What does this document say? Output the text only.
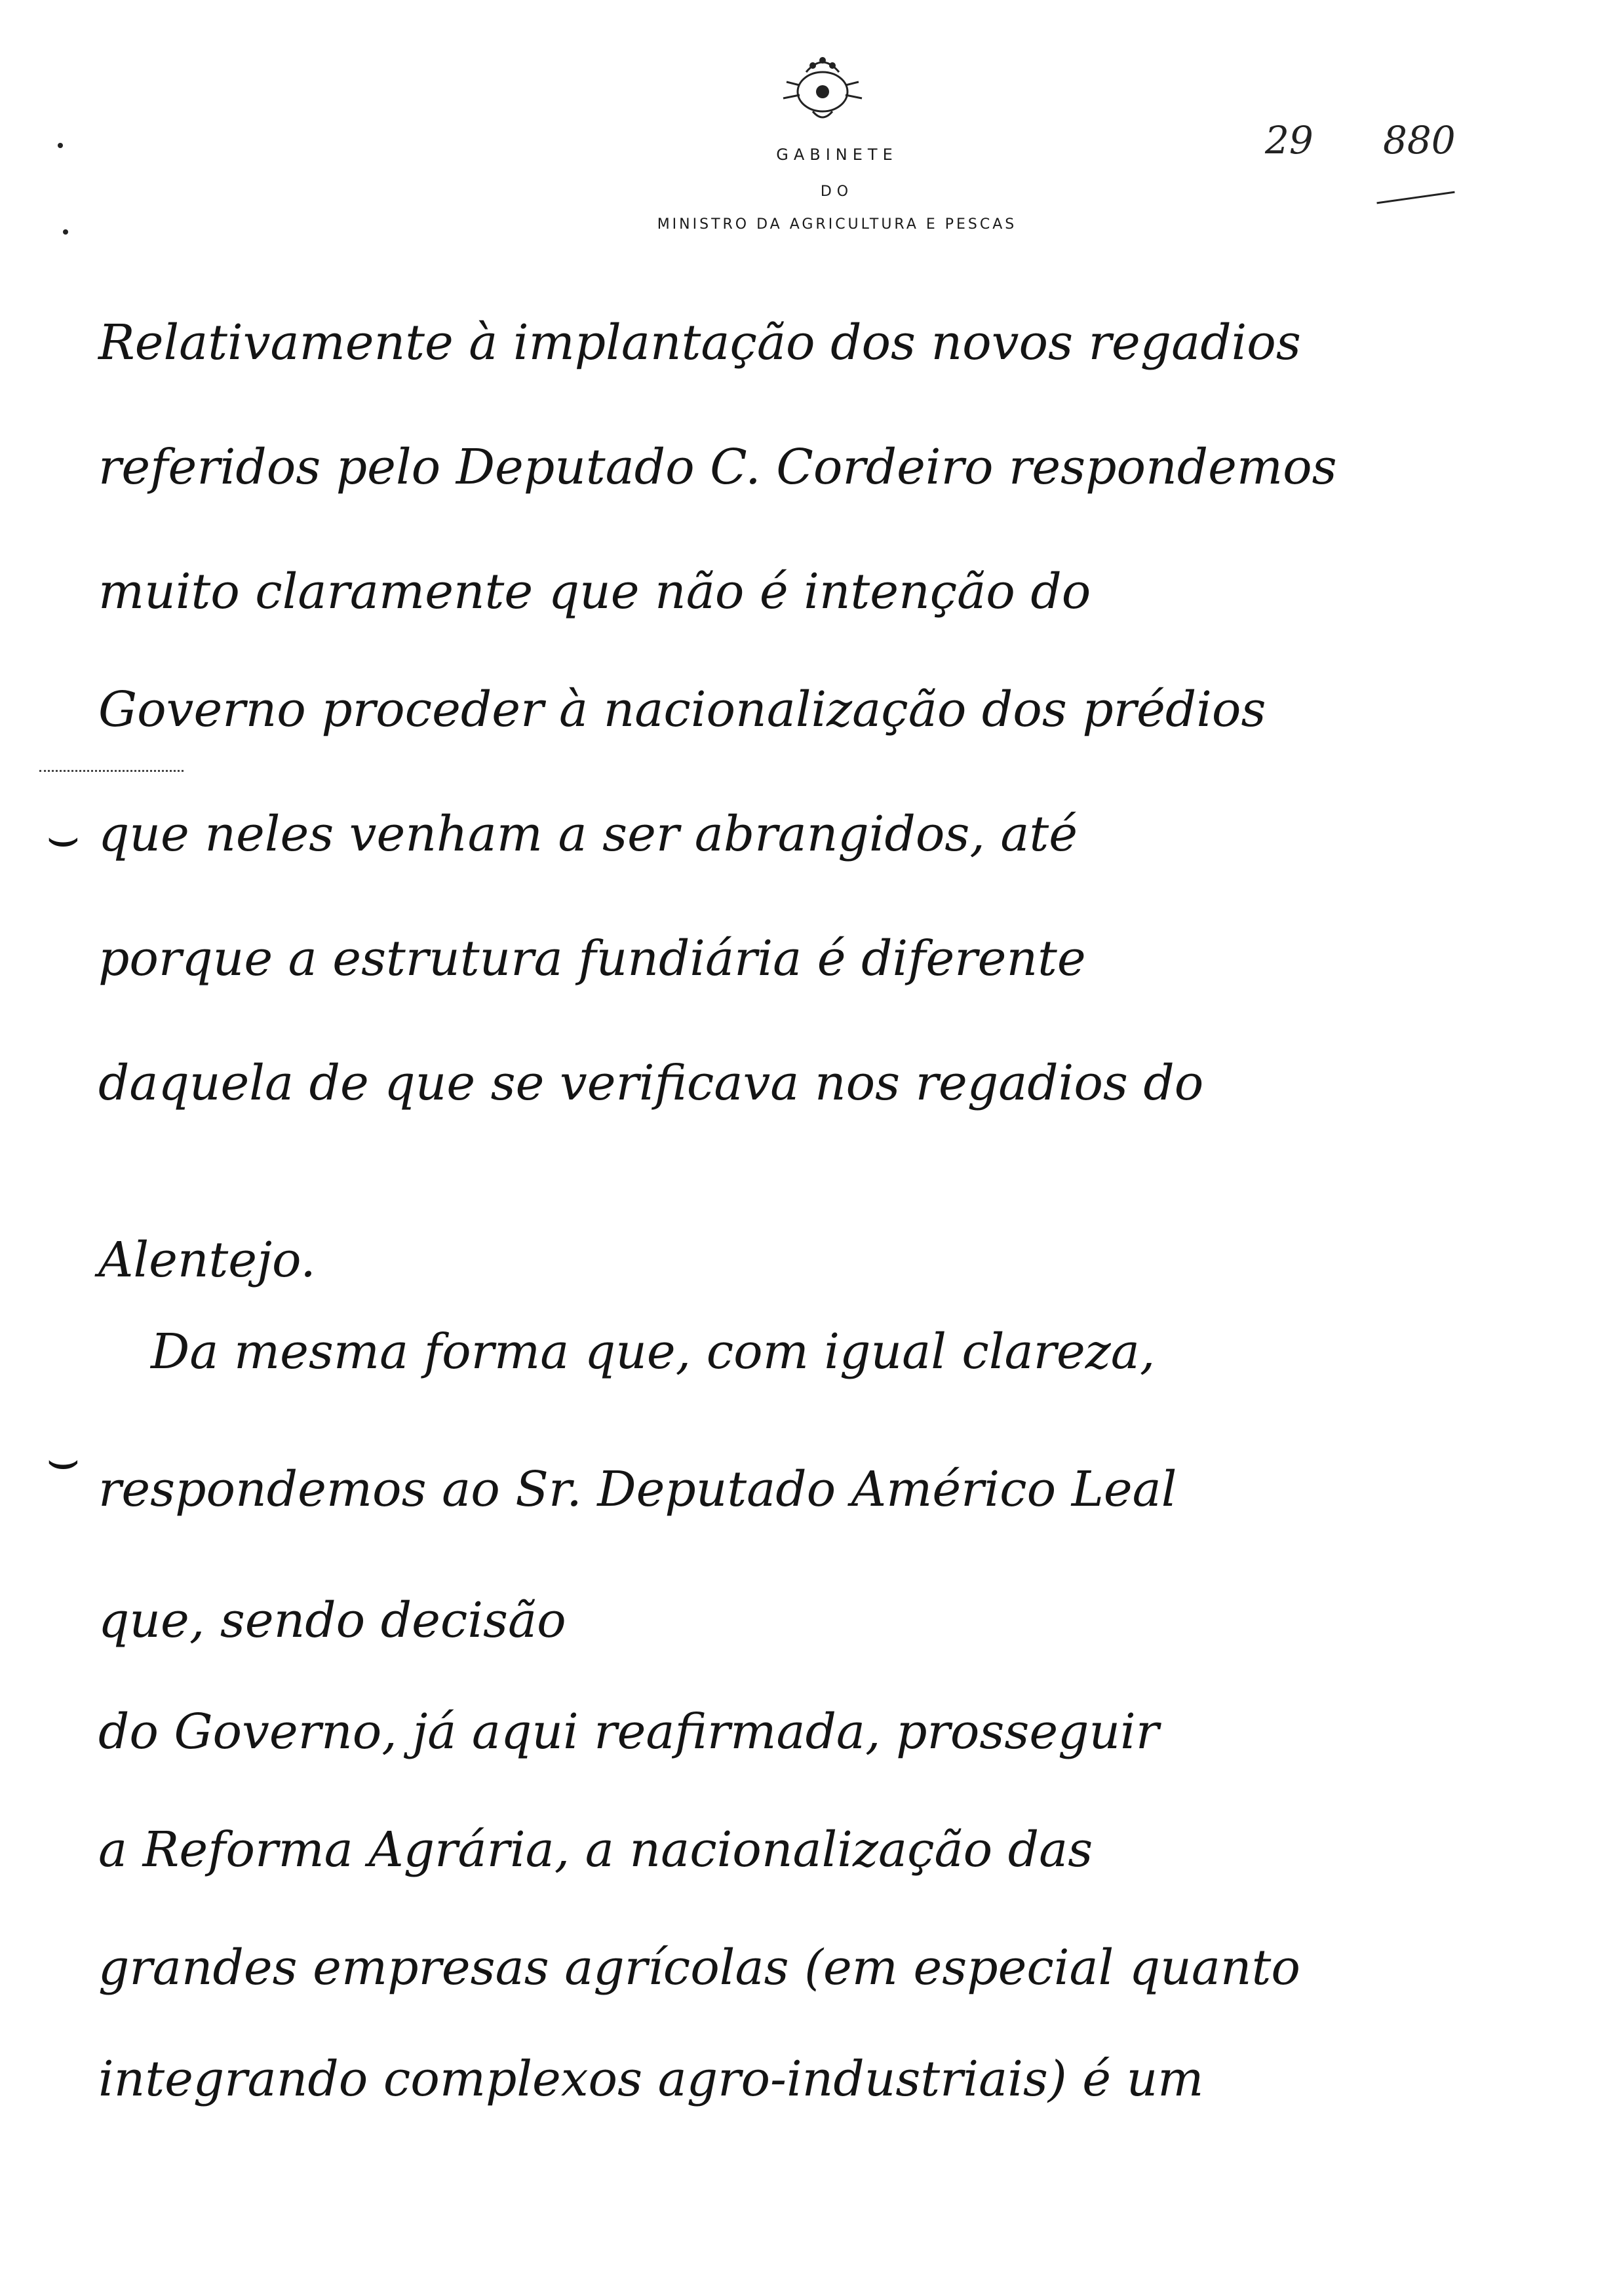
GABINETE
DO
MINISTRO DA AGRICULTURA E PESCAS
29 880
⌣
⌣
Relativamente à implantação dos novos regadios
referidos pelo Deputado C. Cordeiro respondemos
muito claramente que não é intenção do
Governo proceder à nacionalização dos prédios
que neles venham a ser abrangidos, até
porque a estrutura fundiária é diferente
daquela de que se verificava nos regadios do
Alentejo.
Da mesma forma que, com igual clareza,
respondemos ao Sr. Deputado Américo Leal
que, sendo decisão
do Governo, já aqui reafirmada, prosseguir
a Reforma Agrária, a nacionalização das
grandes empresas agrícolas (em especial quanto
integrando complexos agro-industriais) é um
